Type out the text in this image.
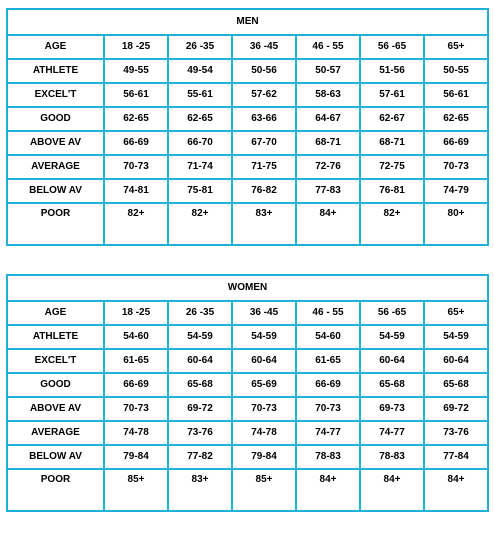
MEN						
AGE	18 -25	26 -35	36 -45	46 - 55	56 -65	65+
ATHLETE	49-55	49-54	50-56	50-57	51-56	50-55
EXCEL'T	56-61	55-61	57-62	58-63	57-61	56-61
GOOD	62-65	62-65	63-66	64-67	62-67	62-65
ABOVE AV	66-69	66-70	67-70	68-71	68-71	66-69
AVERAGE	70-73	71-74	71-75	72-76	72-75	70-73
BELOW AV	74-81	75-81	76-82	77-83	76-81	74-79
POOR	82+	82+	83+	84+	82+	80+
WOMEN						
AGE	18 -25	26 -35	36 -45	46 - 55	56 -65	65+
ATHLETE	54-60	54-59	54-59	54-60	54-59	54-59
EXCEL'T	61-65	60-64	60-64	61-65	60-64	60-64
GOOD	66-69	65-68	65-69	66-69	65-68	65-68
ABOVE AV	70-73	69-72	70-73	70-73	69-73	69-72
AVERAGE	74-78	73-76	74-78	74-77	74-77	73-76
BELOW AV	79-84	77-82	79-84	78-83	78-83	77-84
POOR	85+	83+	85+	84+	84+	84+
